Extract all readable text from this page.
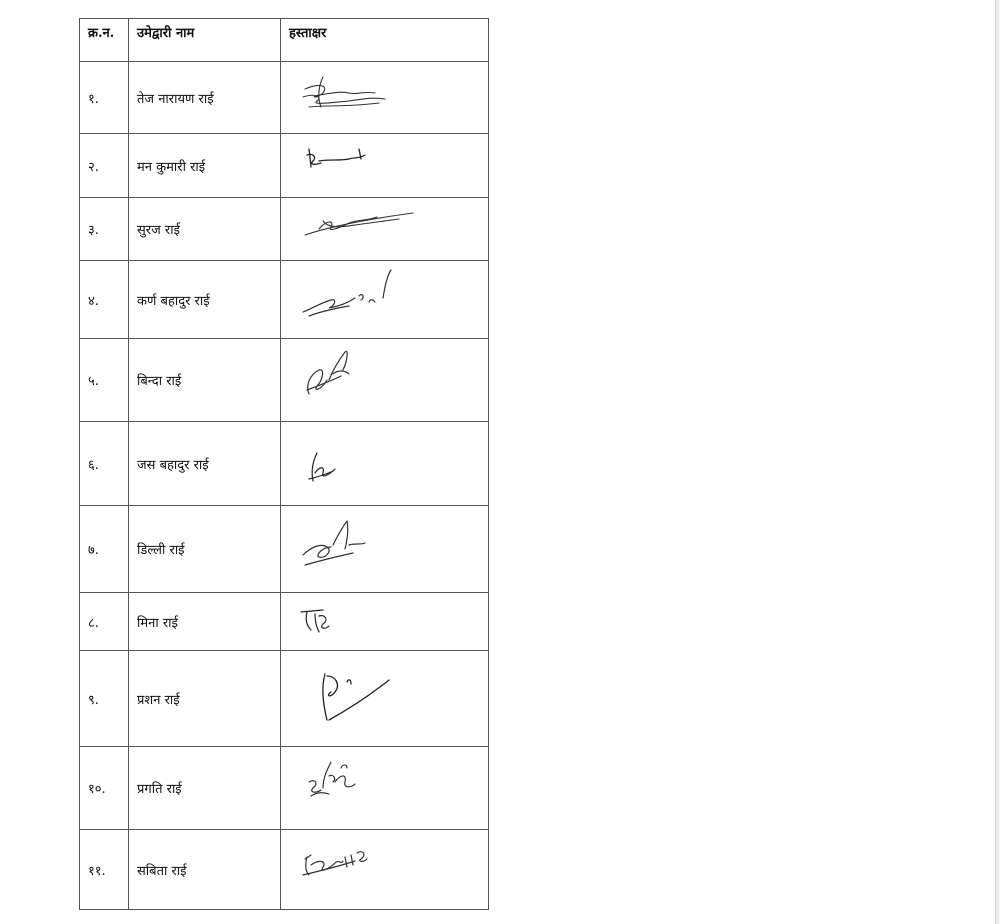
क्र.न.	उमेद्वारी नाम	हस्ताक्षर
१.	तेज नारायण राई	

२.	मन कुमारी राई	

३.	सुरज राई	

४.	कर्ण बहादुर राई	

५.	बिन्दा राई	

६.	जस बहादुर राई	

७.	डिल्ली राई	

८.	मिना राई	

९.	प्रशन राई	

१०.	प्रगति राई	

११.	सबिता राई	
